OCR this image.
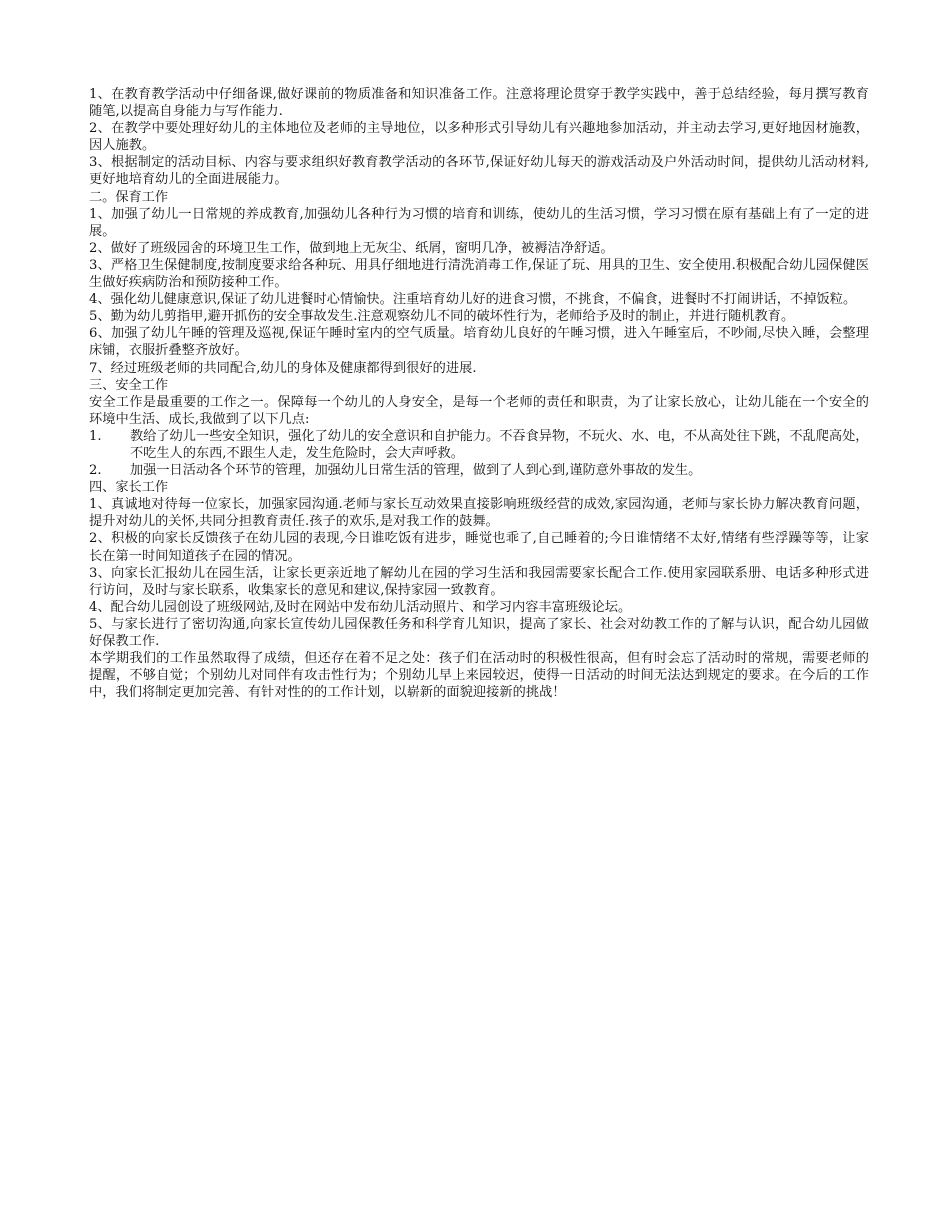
1、在教育教学活动中仔细备课,做好课前的物质准备和知识准备工作。注意将理论贯穿于教学实践中，善于总结经验，每月撰写教育随笔,以提高自身能力与写作能力.

2、在教学中要处理好幼儿的主体地位及老师的主导地位，以多种形式引导幼儿有兴趣地参加活动，并主动去学习,更好地因材施教，因人施教。

3、根据制定的活动目标、内容与要求组织好教育教学活动的各环节,保证好幼儿每天的游戏活动及户外活动时间，提供幼儿活动材料,更好地培育幼儿的全面进展能力。

二。保育工作

1、加强了幼儿一日常规的养成教育,加强幼儿各种行为习惯的培育和训练，使幼儿的生活习惯，学习习惯在原有基础上有了一定的进展。

2、做好了班级园舍的环境卫生工作，做到地上无灰尘、纸屑，窗明几净，被褥洁净舒适。

3、严格卫生保健制度,按制度要求给各种玩、用具仔细地进行清洗消毒工作,保证了玩、用具的卫生、安全使用.积极配合幼儿园保健医生做好疾病防治和预防接种工作。

4、强化幼儿健康意识,保证了幼儿进餐时心情愉快。注重培育幼儿好的进食习惯，不挑食，不偏食，进餐时不打闹讲话，不掉饭粒。

5、勤为幼儿剪指甲,避开抓伤的安全事故发生.注意观察幼儿不同的破坏性行为，老师给予及时的制止，并进行随机教育。

6、加强了幼儿午睡的管理及巡视,保证午睡时室内的空气质量。培育幼儿良好的午睡习惯，进入午睡室后，不吵闹,尽快入睡，会整理床铺，衣服折叠整齐放好。

7、经过班级老师的共同配合,幼儿的身体及健康都得到很好的进展.

三、安全工作

安全工作是最重要的工作之一。保障每一个幼儿的人身安全，是每一个老师的责任和职责，为了让家长放心，让幼儿能在一个安全的环境中生活、成长,我做到了以下几点:

1.	教给了幼儿一些安全知识，强化了幼儿的安全意识和自护能力。不吞食异物，不玩火、水、电，不从高处往下跳，不乱爬高处，不吃生人的东西,不跟生人走，发生危险时，会大声呼救。
2.	加强一日活动各个环节的管理，加强幼儿日常生活的管理，做到了人到心到,谨防意外事故的发生。

四、家长工作

1、真诚地对待每一位家长，加强家园沟通.老师与家长互动效果直接影响班级经营的成效,家园沟通，老师与家长协力解决教育问题，提升对幼儿的关怀,共同分担教育责任.孩子的欢乐,是对我工作的鼓舞。

2、积极的向家长反馈孩子在幼儿园的表现,今日谁吃饭有进步，睡觉也乖了,自己睡着的;今日谁情绪不太好,情绪有些浮躁等等，让家长在第一时间知道孩子在园的情况。

3、向家长汇报幼儿在园生活，让家长更亲近地了解幼儿在园的学习生活和我园需要家长配合工作.使用家园联系册、电话多种形式进行访问，及时与家长联系，收集家长的意见和建议,保持家园一致教育。

4、配合幼儿园创设了班级网站,及时在网站中发布幼儿活动照片、和学习内容丰富班级论坛。

5、与家长进行了密切沟通,向家长宣传幼儿园保教任务和科学育儿知识，提高了家长、社会对幼教工作的了解与认识，配合幼儿园做好保教工作.

本学期我们的工作虽然取得了成绩，但还存在着不足之处：孩子们在活动时的积极性很高，但有时会忘了活动时的常规，需要老师的提醒，不够自觉；个别幼儿对同伴有攻击性行为；个别幼儿早上来园较迟，使得一日活动的时间无法达到规定的要求。在今后的工作中，我们将制定更加完善、有针对性的的工作计划，以崭新的面貌迎接新的挑战！
